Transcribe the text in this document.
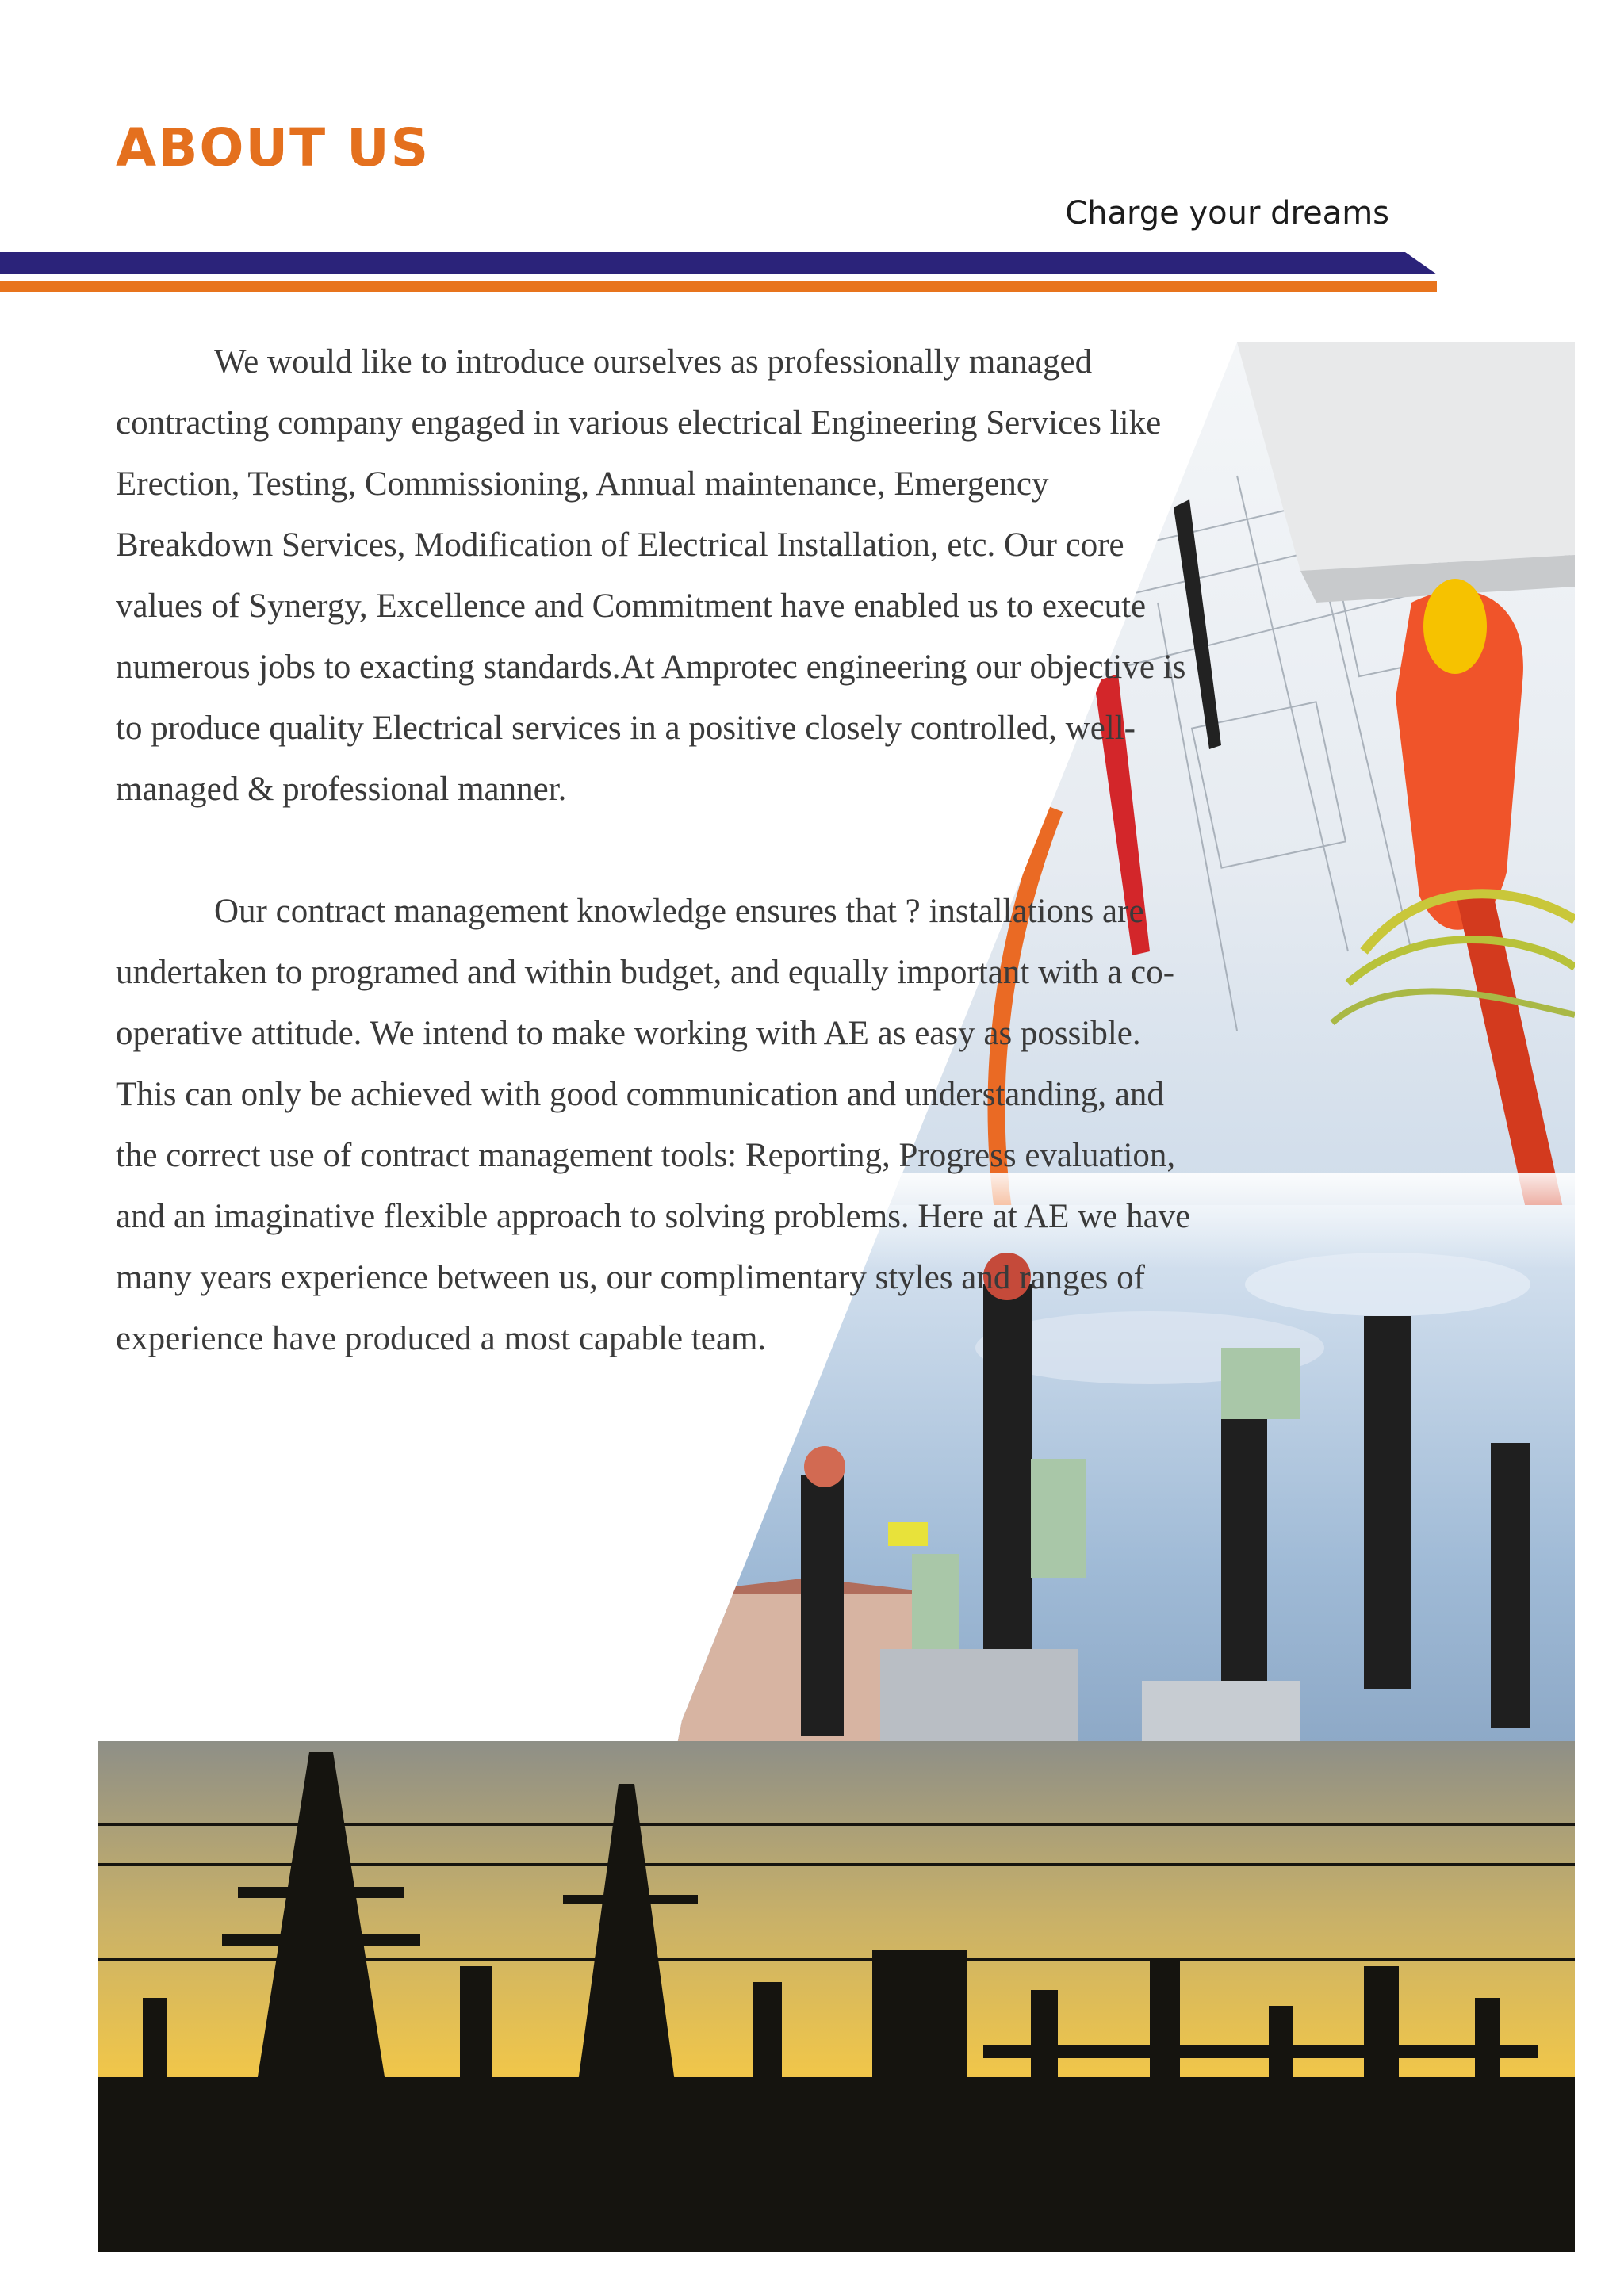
ABOUT US
Charge your dreams

We would like to introduce ourselves as professionally managed contracting company engaged in various electrical Engineering Services like Erection, Testing, Commissioning, Annual maintenance, Emergency Breakdown Services, Modification of Electrical Installation, etc. Our core values of Synergy, Excellence and Commitment have enabled us to execute numerous jobs to exacting standards.At Amprotec engineering our objective is to produce quality Electrical services in a positive closely controlled, well-managed & professional manner.

Our contract management knowledge ensures that ? installations are undertaken to programed and within budget, and equally important with a co-operative attitude. We intend to make working with AE as easy as possible. This can only be achieved with good communication and understanding, and the correct use of contract management tools: Reporting, Progress evaluation, and an imaginative flexible approach to solving problems. Here at AE we have many years experience between us, our complimentary styles and ranges of experience have produced a most capable team.
